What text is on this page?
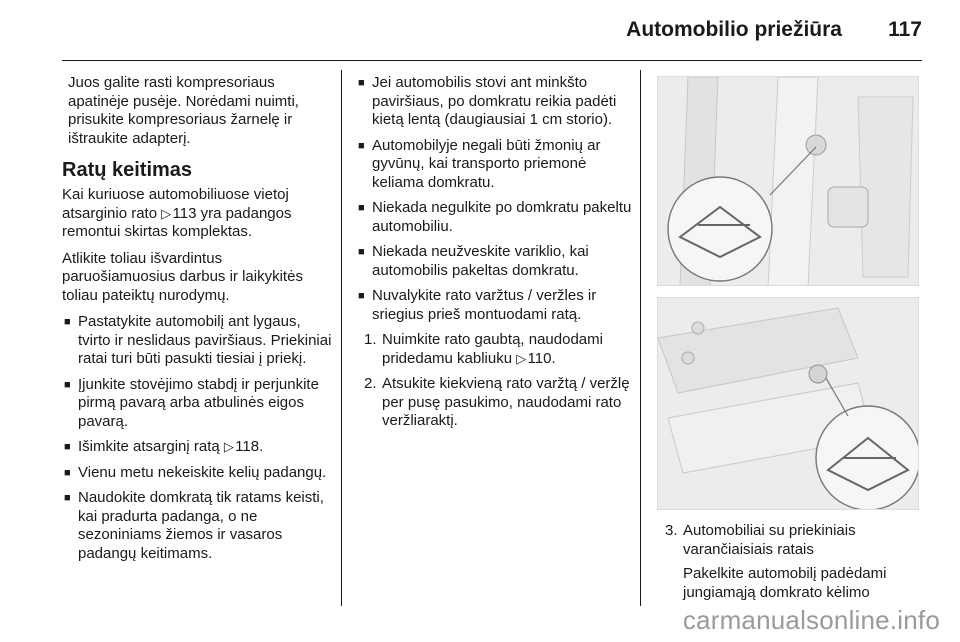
Automobilio priežiūra 117

Juos galite rasti kompresoriaus apatinėje pusėje. Norėdami nuimti, prisukite kompresoriaus žarnelę ir ištraukite adapterį.

Ratų keitimas

Kai kuriuose automobiliuose vietoj atsarginio rato ▷ 113 yra padangos remontui skirtas komplektas.

Atlikite toliau išvardintus paruošiamuosius darbus ir laikykitės toliau pateiktų nurodymų.

■ Pastatykite automobilį ant lygaus, tvirto ir neslidaus paviršiaus. Priekiniai ratai turi būti pasukti tiesiai į priekį.
■ Įjunkite stovėjimo stabdį ir perjunkite pirmą pavarą arba atbulinės eigos pavarą.
■ Išimkite atsarginį ratą ▷ 118.
■ Vienu metu nekeiskite kelių padangų.
■ Naudokite domkratą tik ratams keisti, kai pradurta padanga, o ne sezoniniams žiemos ir vasaros padangų keitimams.
■ Jei automobilis stovi ant minkšto paviršiaus, po domkratu reikia padėti kietą lentą (daugiausiai 1 cm storio).
■ Automobilyje negali būti žmonių ar gyvūnų, kai transporto priemonė keliama domkratu.
■ Niekada negulkite po domkratu pakeltu automobiliu.
■ Niekada neužveskite variklio, kai automobilis pakeltas domkratu.
■ Nuvalykite rato varžtus / veržles ir sriegius prieš montuodami ratą.
1. Nuimkite rato gaubtą, naudodami pridedamu kabliuku ▷ 110.
2. Atsukite kiekvieną rato varžtą / veržlę per pusę pasukimo, naudodami rato veržliaraktį.
3. Automobiliai su priekiniais varančiaisiais ratais

Pakelkite automobilį padėdami jungiamąją domkrato kėlimo

carmanualsonline.info
